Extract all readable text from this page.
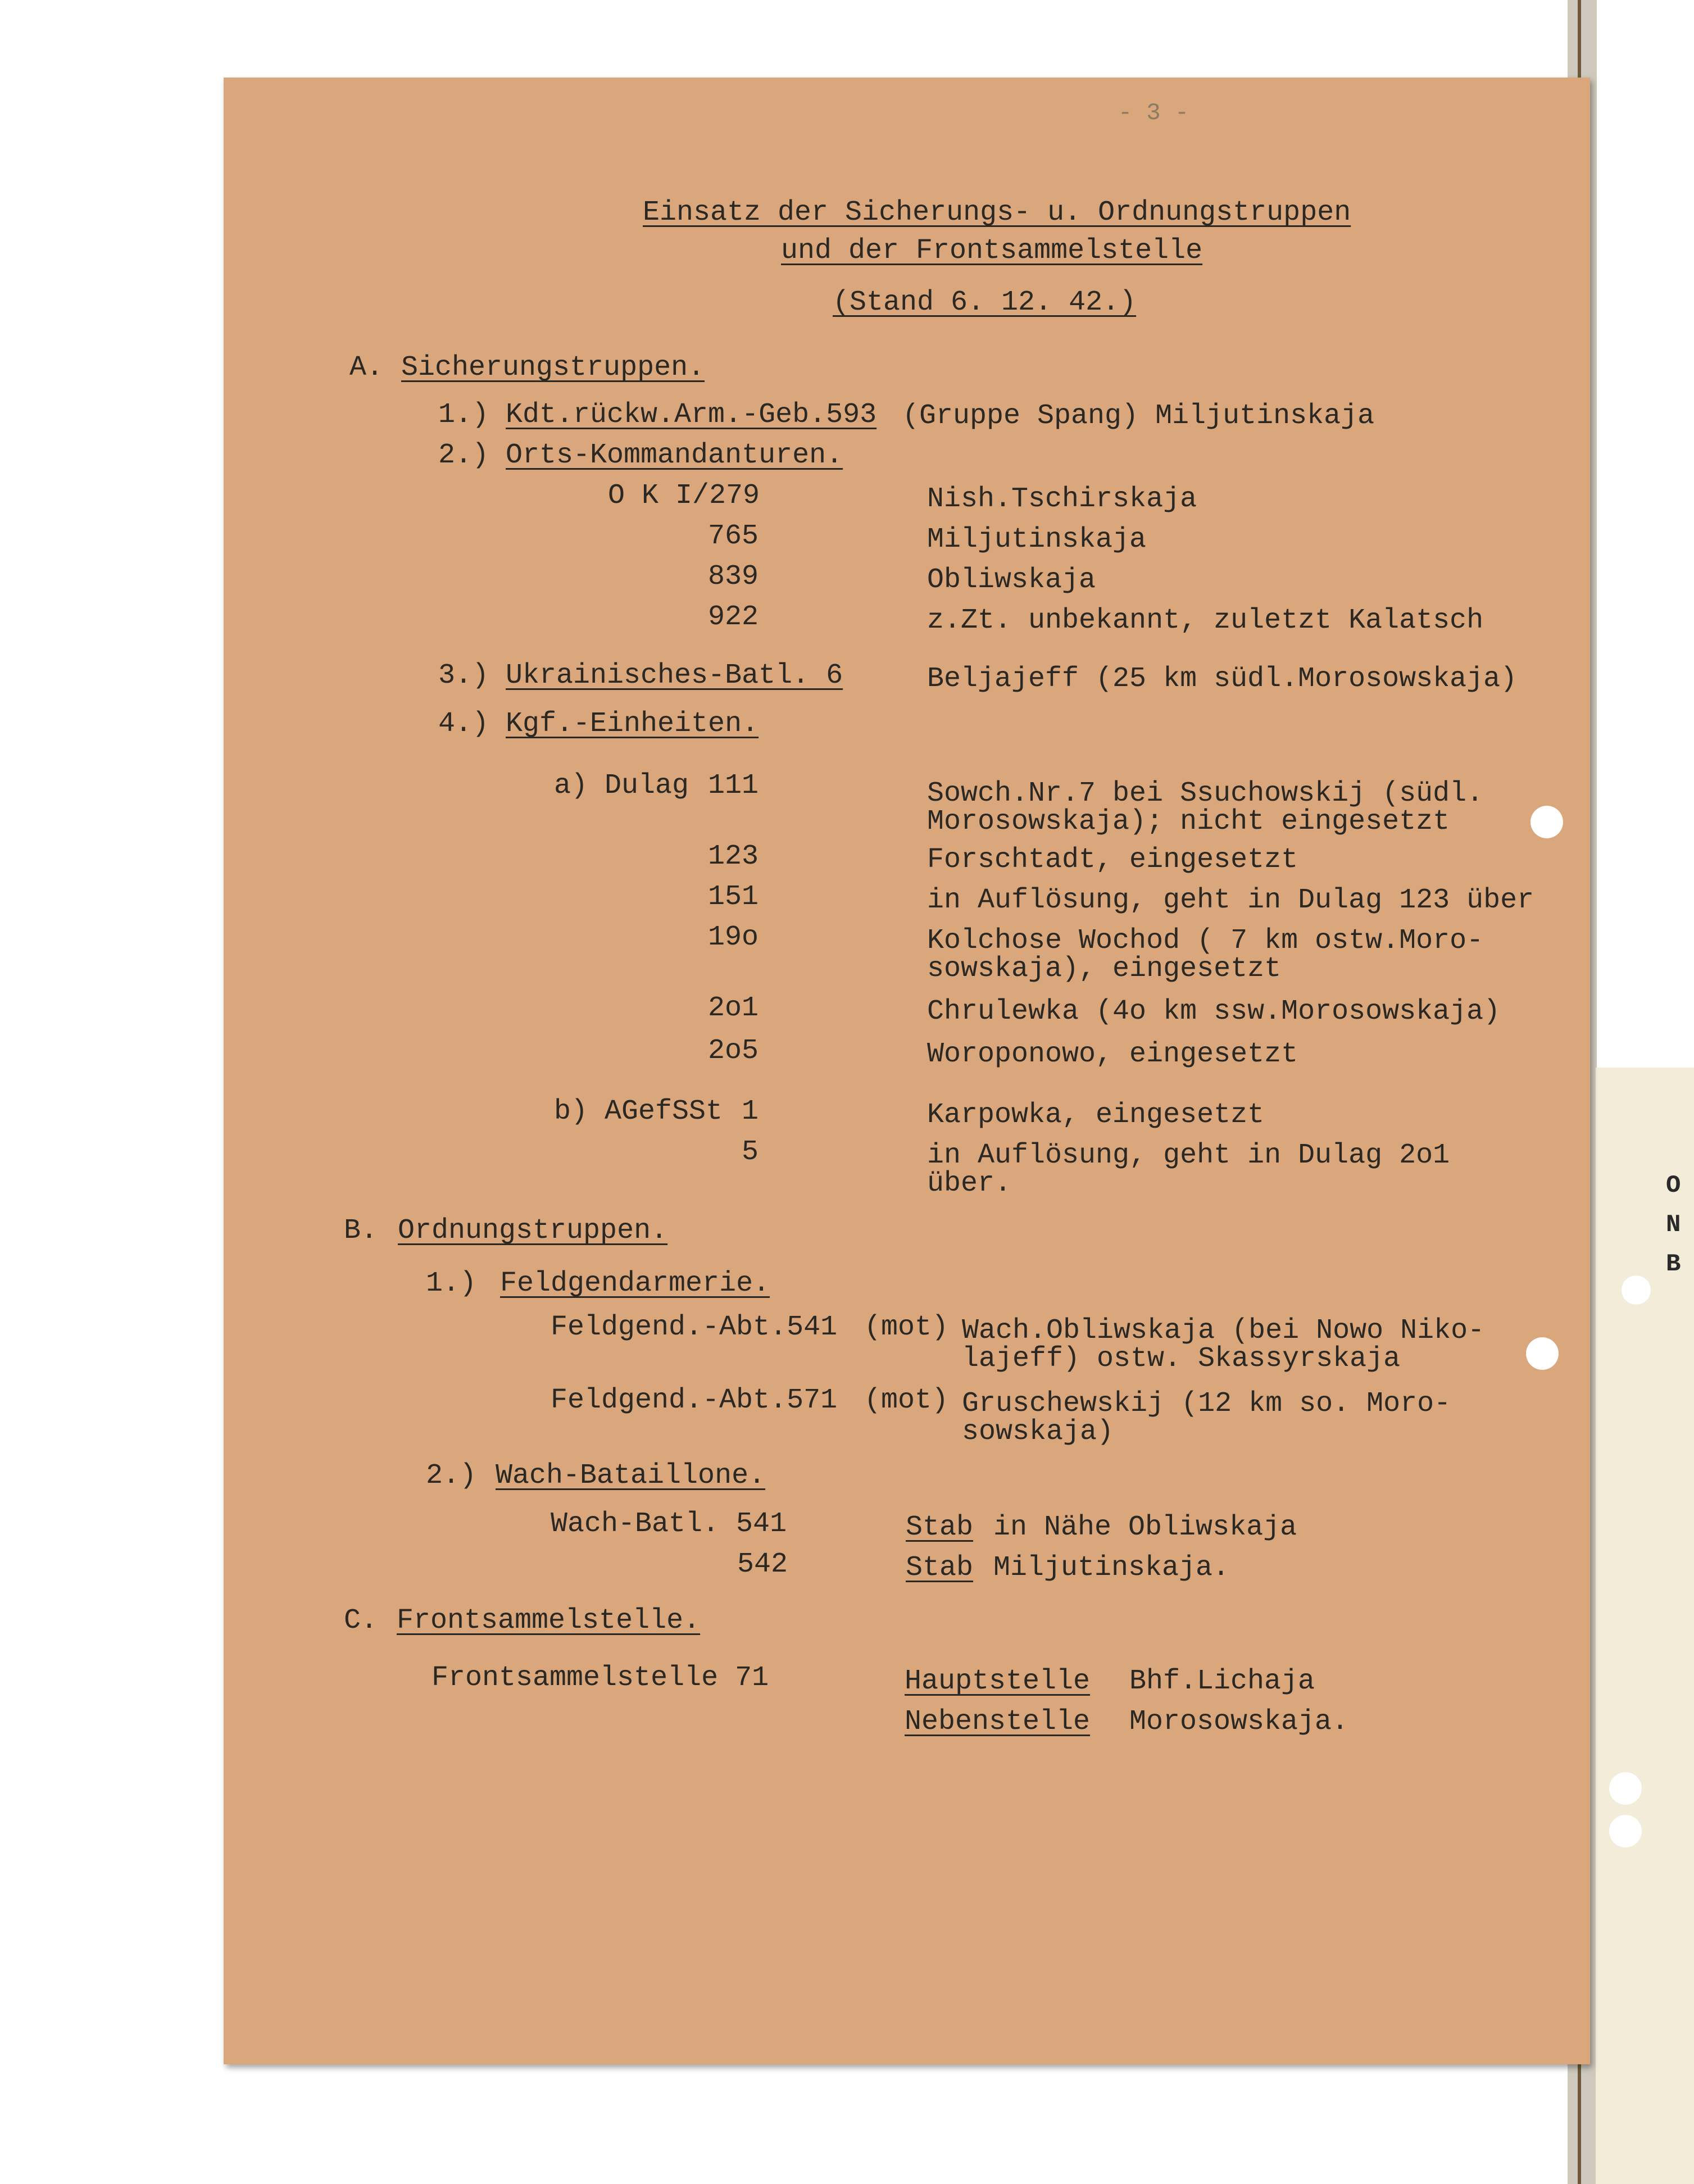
O
N
B
- 3 -
Einsatz der Sicherungs- u. Ordnungstruppen
und der Frontsammelstelle
(Stand 6. 12. 42.)
A. Sicherungstruppen.
1.) Kdt.rückw.Arm.-Geb.593 (Gruppe Spang) Miljutinskaja
2.) Orts-Kommandanturen.
O K I/279	Nish.Tschirskaja
765	Miljutinskaja
839	Obliwskaja
922	z.Zt. unbekannt, zuletzt Kalatsch
3.) Ukrainisches-Batl. 6	Beljajeff (25 km südl.Morosowskaja)
4.) Kgf.-Einheiten.
a) Dulag 111	Sowch.Nr.7 bei Ssuchowskij (südl.
Morosowskaja); nicht eingesetzt
123	Forschtadt, eingesetzt
151	in Auflösung, geht in Dulag 123 über
19o	Kolchose Wochod ( 7 km ostw.Moro-
sowskaja), eingesetzt
2o1	Chrulewka (4o km ssw.Morosowskaja)
2o5	Woroponowo, eingesetzt
b) AGefSSt 1	Karpowka, eingesetzt
5	in Auflösung, geht in Dulag 2o1
über.
B. Ordnungstruppen.
1.) Feldgendarmerie.
Feldgend.-Abt.541 (mot) Wach.Obliwskaja (bei Nowo Niko-
lajeff) ostw. Skassyrskaja
Feldgend.-Abt.571 (mot) Gruschewskij (12 km so. Moro-
sowskaja)
2.) Wach-Bataillone.
Wach-Batl. 541	Stab in Nähe Obliwskaja
542	Stab Miljutinskaja.
C. Frontsammelstelle.
Frontsammelstelle 71	Hauptstelle Bhf.Lichaja
Nebenstelle Morosowskaja.
